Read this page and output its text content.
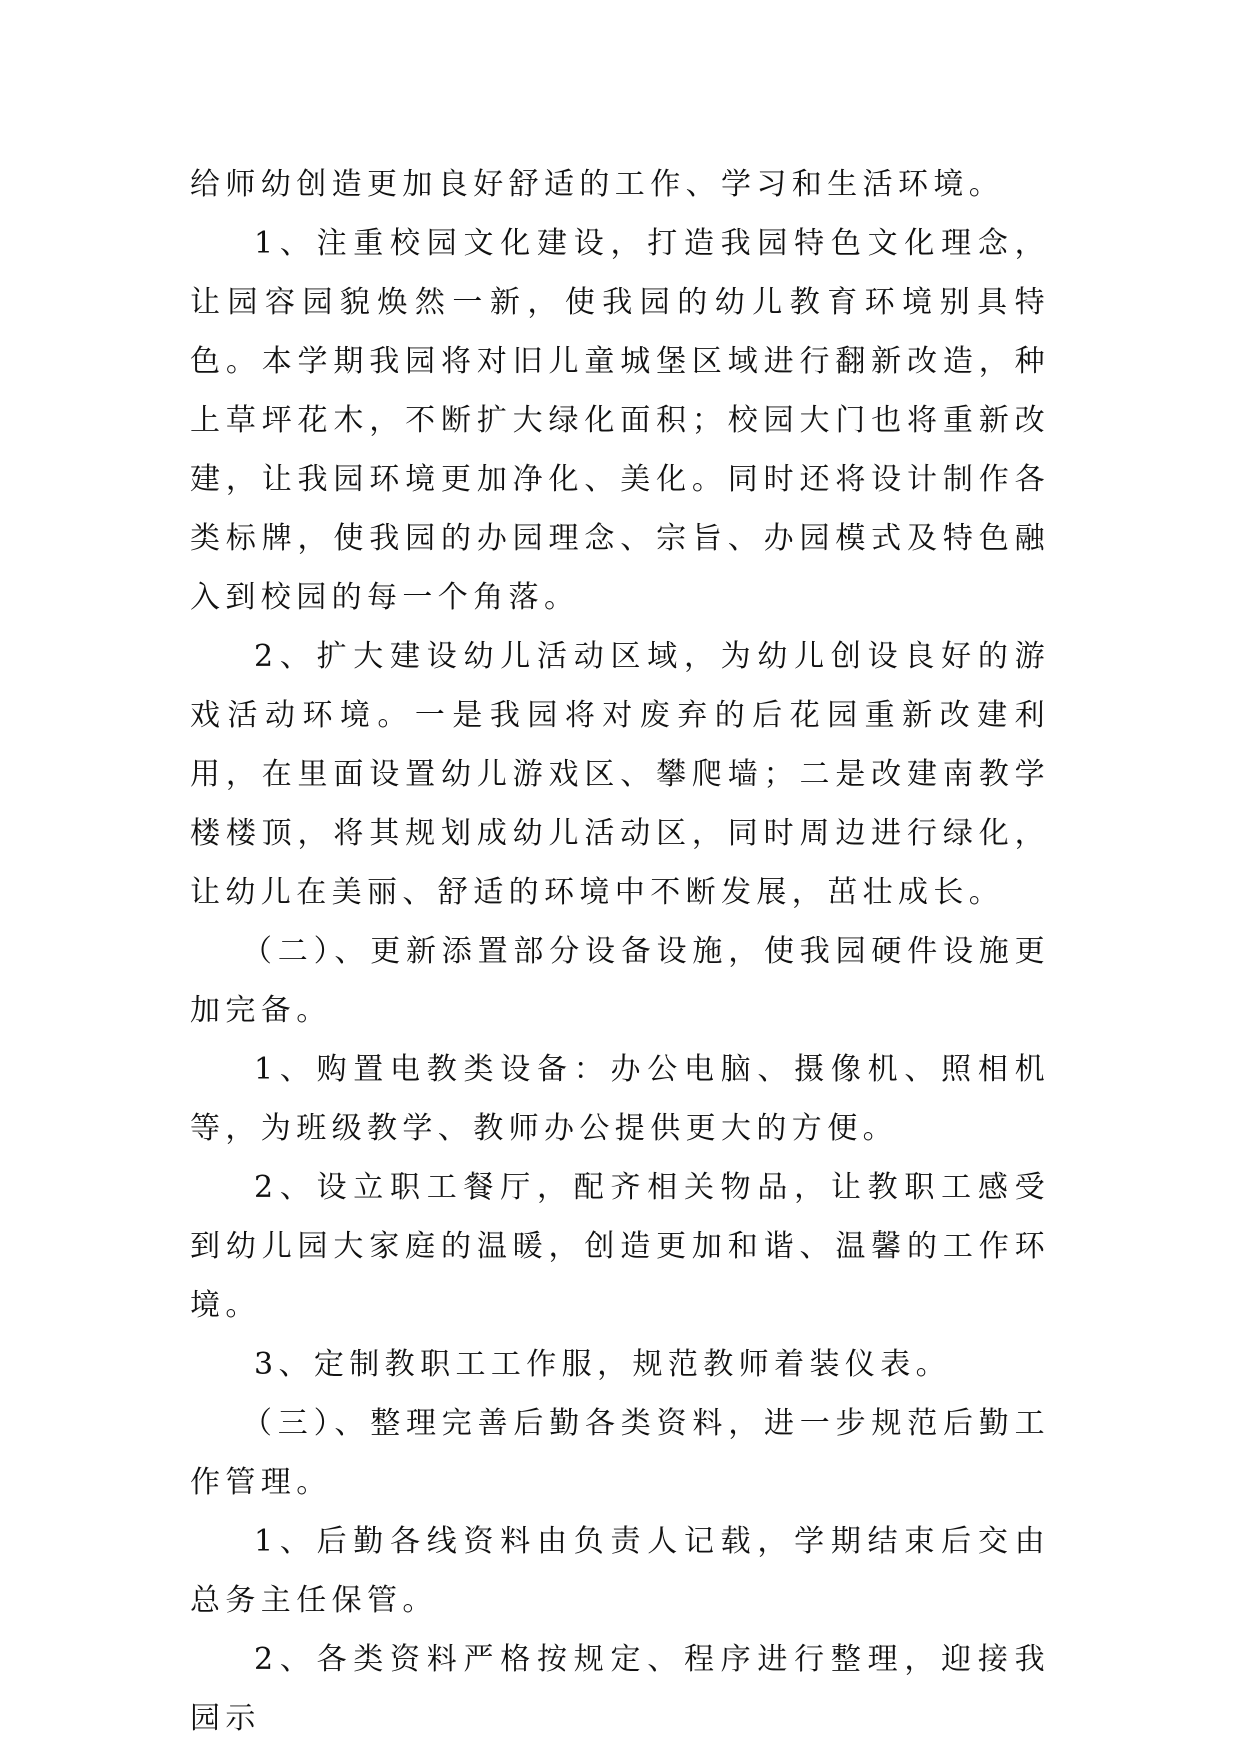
给师幼创造更加良好舒适的工作、学习和生活环境。

1、注重校园文化建设，打造我园特色文化理念，让园容园貌焕然一新，使我园的幼儿教育环境别具特色。本学期我园将对旧儿童城堡区域进行翻新改造，种上草坪花木，不断扩大绿化面积；校园大门也将重新改建，让我园环境更加净化、美化。同时还将设计制作各类标牌，使我园的办园理念、宗旨、办园模式及特色融入到校园的每一个角落。

2、扩大建设幼儿活动区域，为幼儿创设良好的游戏活动环境。一是我园将对废弃的后花园重新改建利用，在里面设置幼儿游戏区、攀爬墙；二是改建南教学楼楼顶，将其规划成幼儿活动区，同时周边进行绿化，让幼儿在美丽、舒适的环境中不断发展，茁壮成长。

（二）、更新添置部分设备设施，使我园硬件设施更加完备。

1、购置电教类设备：办公电脑、摄像机、照相机等，为班级教学、教师办公提供更大的方便。

2、设立职工餐厅，配齐相关物品，让教职工感受到幼儿园大家庭的温暖，创造更加和谐、温馨的工作环境。

3、定制教职工工作服，规范教师着装仪表。

（三）、整理完善后勤各类资料，进一步规范后勤工作管理。

1、后勤各线资料由负责人记载，学期结束后交由总务主任保管。

2、各类资料严格按规定、程序进行整理，迎接我园示
